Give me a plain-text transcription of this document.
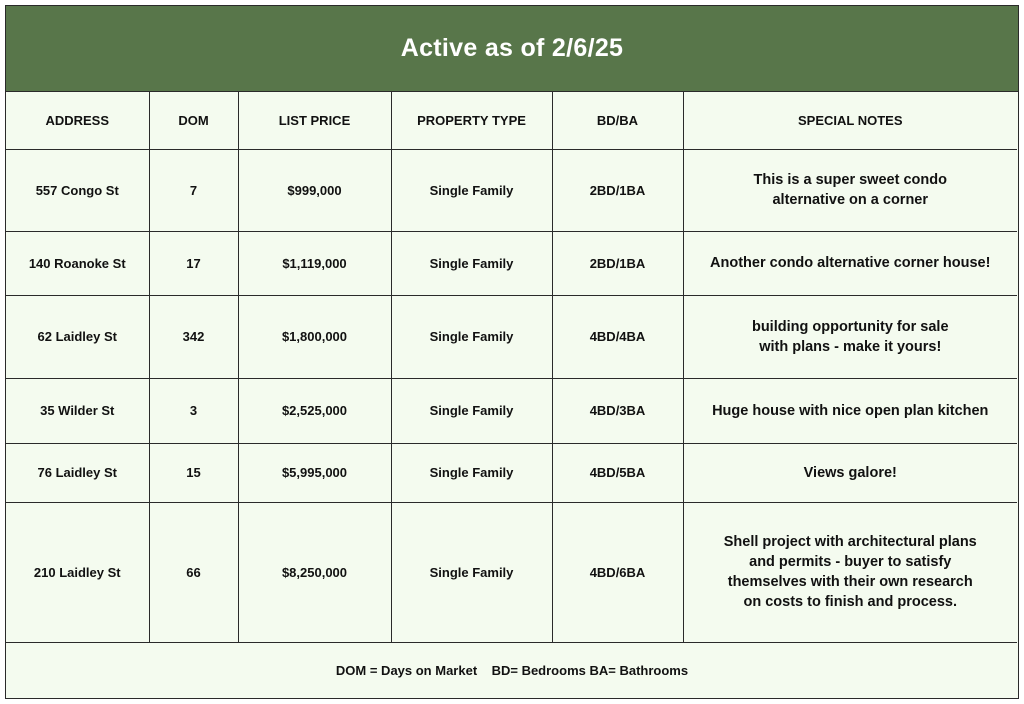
Active as of 2/6/25
ADDRESS	DOM	LIST PRICE	PROPERTY TYPE	BD/BA	SPECIAL NOTES
557 Congo St	7	$999,000	Single Family	2BD/1BA	This is a super sweet condo alternative on a corner
140 Roanoke St	17	$1,119,000	Single Family	2BD/1BA	Another condo alternative corner house!
62 Laidley St	342	$1,800,000	Single Family	4BD/4BA	building opportunity for sale with plans - make it yours!
35 Wilder St	3	$2,525,000	Single Family	4BD/3BA	Huge house with nice open plan kitchen
76 Laidley St	15	$5,995,000	Single Family	4BD/5BA	Views galore!
210 Laidley St	66	$8,250,000	Single Family	4BD/6BA	Shell project with architectural plans and permits - buyer to satisfy themselves with their own research on costs to finish and process.
DOM = Days on Market    BD= Bedrooms BA= Bathrooms
